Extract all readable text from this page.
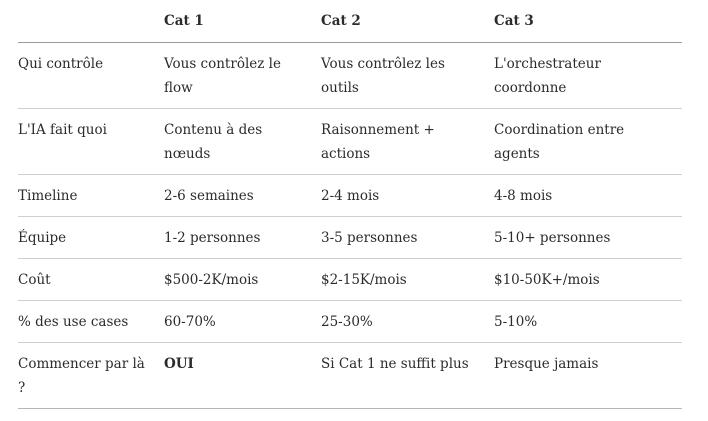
	Cat 1	Cat 2	Cat 3
Qui contrôle	Vous contrôlez le flow	Vous contrôlez les outils	L'orchestrateur coordonne
L'IA fait quoi	Contenu à des nœuds	Raisonnement + actions	Coordination entre agents
Timeline	2-6 semaines	2-4 mois	4-8 mois
Équipe	1-2 personnes	3-5 personnes	5-10+ personnes
Coût	$500-2K/mois	$2-15K/mois	$10-50K+/mois
% des use cases	60-70%	25-30%	5-10%
Commencer par là ?	OUI	Si Cat 1 ne suffit plus	Presque jamais
